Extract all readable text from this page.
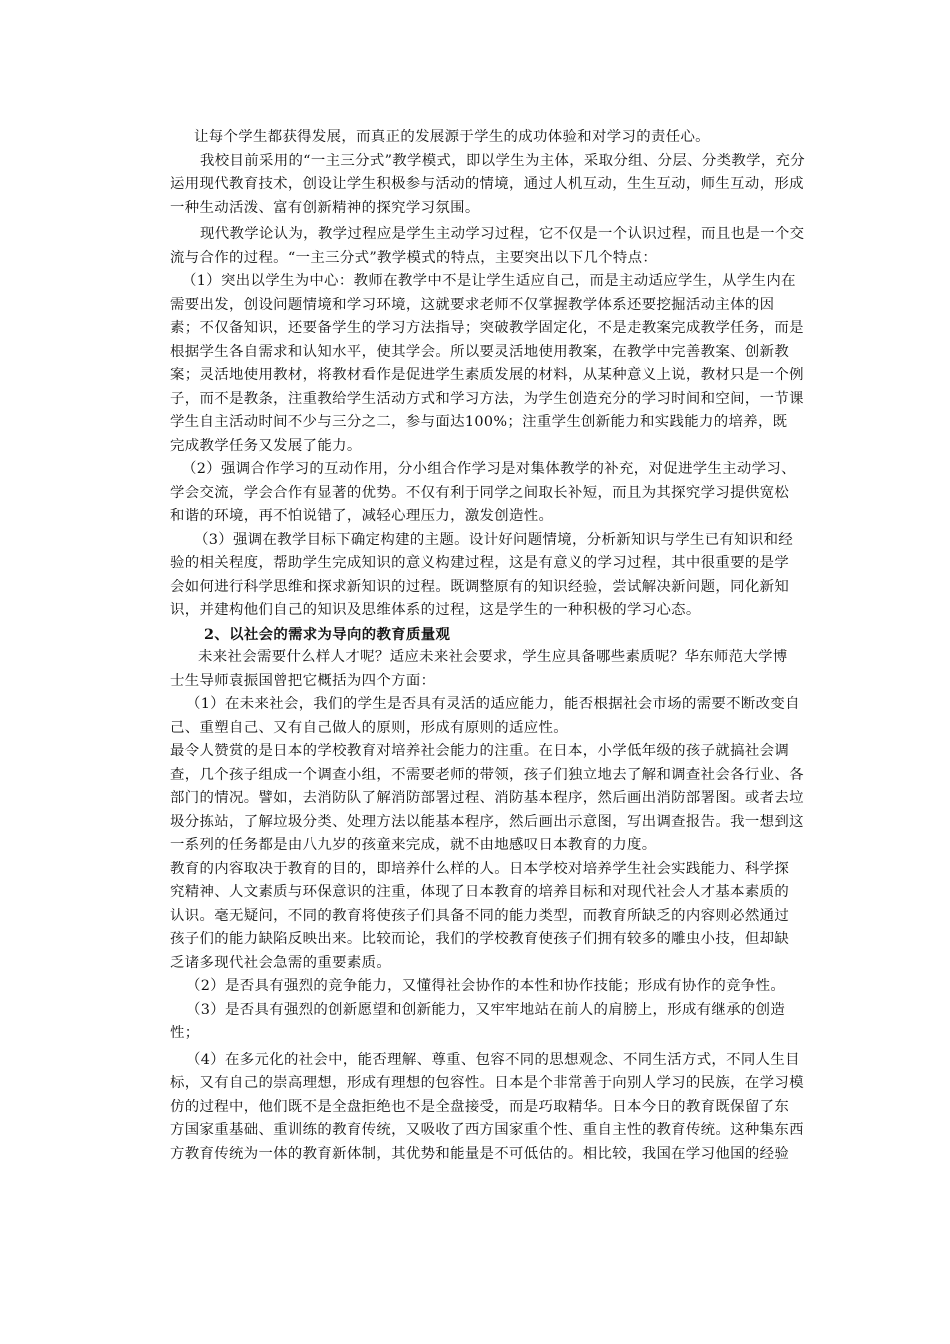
让每个学生都获得发展，而真正的发展源于学生的成功体验和对学习的责任心。
我校目前采用的“一主三分式”教学模式，即以学生为主体，采取分组、分层、分类教学，充分
运用现代教育技术，创设让学生积极参与活动的情境，通过人机互动，生生互动，师生互动，形成
一种生动活泼、富有创新精神的探究学习氛围。
现代教学论认为，教学过程应是学生主动学习过程，它不仅是一个认识过程，而且也是一个交
流与合作的过程。“一主三分式”教学模式的特点，主要突出以下几个特点：
（1）突出以学生为中心：教师在教学中不是让学生适应自己，而是主动适应学生，从学生内在
需要出发，创设问题情境和学习环境，这就要求老师不仅掌握教学体系还要挖掘活动主体的因
素；不仅备知识，还要备学生的学习方法指导；突破教学固定化，不是走教案完成教学任务，而是
根据学生各自需求和认知水平，使其学会。所以要灵活地使用教案，在教学中完善教案、创新教
案；灵活地使用教材，将教材看作是促进学生素质发展的材料，从某种意义上说，教材只是一个例
子，而不是教条，注重教给学生活动方式和学习方法，为学生创造充分的学习时间和空间，一节课
学生自主活动时间不少与三分之二，参与面达100%；注重学生创新能力和实践能力的培养，既
完成教学任务又发展了能力。
（2）强调合作学习的互动作用，分小组合作学习是对集体教学的补充，对促进学生主动学习、
学会交流，学会合作有显著的优势。不仅有利于同学之间取长补短，而且为其探究学习提供宽松
和谐的环境，再不怕说错了，减轻心理压力，激发创造性。
（3）强调在教学目标下确定构建的主题。设计好问题情境，分析新知识与学生已有知识和经
验的相关程度，帮助学生完成知识的意义构建过程，这是有意义的学习过程，其中很重要的是学
会如何进行科学思维和探求新知识的过程。既调整原有的知识经验，尝试解决新问题，同化新知
识，并建构他们自己的知识及思维体系的过程，这是学生的一种积极的学习心态。
2、以社会的需求为导向的教育质量观
未来社会需要什么样人才呢？适应未来社会要求，学生应具备哪些素质呢？华东师范大学博
士生导师袁振国曾把它概括为四个方面：
（1）在未来社会，我们的学生是否具有灵活的适应能力，能否根据社会市场的需要不断改变自
己、重塑自己、又有自己做人的原则，形成有原则的适应性。
最令人赞赏的是日本的学校教育对培养社会能力的注重。在日本，小学低年级的孩子就搞社会调
查，几个孩子组成一个调查小组，不需要老师的带领，孩子们独立地去了解和调查社会各行业、各
部门的情况。譬如，去消防队了解消防部署过程、消防基本程序，然后画出消防部署图。或者去垃
圾分拣站，了解垃圾分类、处理方法以能基本程序，然后画出示意图，写出调查报告。我一想到这
一系列的任务都是由八九岁的孩童来完成，就不由地感叹日本教育的力度。
教育的内容取决于教育的目的，即培养什么样的人。日本学校对培养学生社会实践能力、科学探
究精神、人文素质与环保意识的注重，体现了日本教育的培养目标和对现代社会人才基本素质的
认识。毫无疑问，不同的教育将使孩子们具备不同的能力类型，而教育所缺乏的内容则必然通过
孩子们的能力缺陷反映出来。比较而论，我们的学校教育使孩子们拥有较多的雕虫小技，但却缺
乏诸多现代社会急需的重要素质。
（2）是否具有强烈的竞争能力，又懂得社会协作的本性和协作技能；形成有协作的竞争性。
（3）是否具有强烈的创新愿望和创新能力，又牢牢地站在前人的肩膀上，形成有继承的创造
性；
（4）在多元化的社会中，能否理解、尊重、包容不同的思想观念、不同生活方式，不同人生目
标，又有自己的崇高理想，形成有理想的包容性。日本是个非常善于向别人学习的民族，在学习模
仿的过程中，他们既不是全盘拒绝也不是全盘接受，而是巧取精华。日本今日的教育既保留了东
方国家重基础、重训练的教育传统，又吸收了西方国家重个性、重自主性的教育传统。这种集东西
方教育传统为一体的教育新体制，其优势和能量是不可低估的。相比较，我国在学习他国的经验
